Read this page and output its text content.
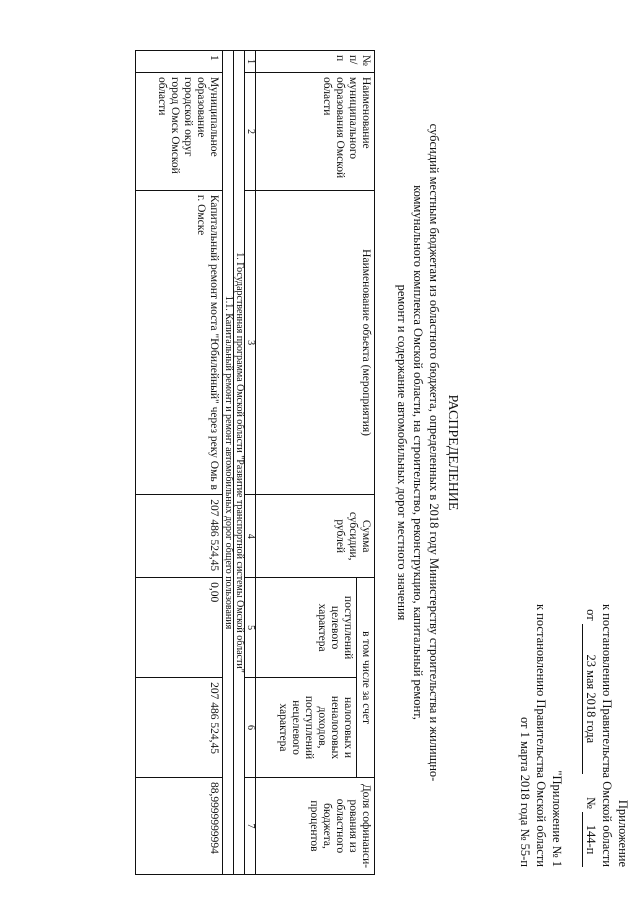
Приложение
к постановлению Правительства Омской области
от 23 мая 2018 года № 144-п
"Приложение № 1
к постановлению Правительства Омской области
от 1 марта 2018 года № 55-п
РАСПРЕДЕЛЕНИЕ
субсидий местным бюджетам из областного бюджета, определенных в 2018 году Министерству строительства и жилищно-
коммунального комплекса Омской области, на строительство, реконструкцию, капитальный ремонт,
ремонт и содержание автомобильных дорог местного значения
№ п/п	Наименование муниципального образования Омской области	Наименование объекта (мероприятия)	Сумма субсидии, рублей	в том числе за счет		Доля софинанси-рования из областного бюджета, процентов
				поступлений целевого характера	налоговых и неналоговых доходов, поступлений нецелевого характера	
1	2	3	4	5	6	7
1. Государственная программа Омской области "Развитие транспортной системы Омской области"						
1.1. Капитальный ремонт и ремонт автомобильных дорог общего пользования						
1	Муниципальное образование городской округ город Омск Омской области	Капитальный ремонт моста "Юбилейный" через реку Омь в г. Омске	207 486 524,45	0,00	207 486 524,45	88,9999999994
